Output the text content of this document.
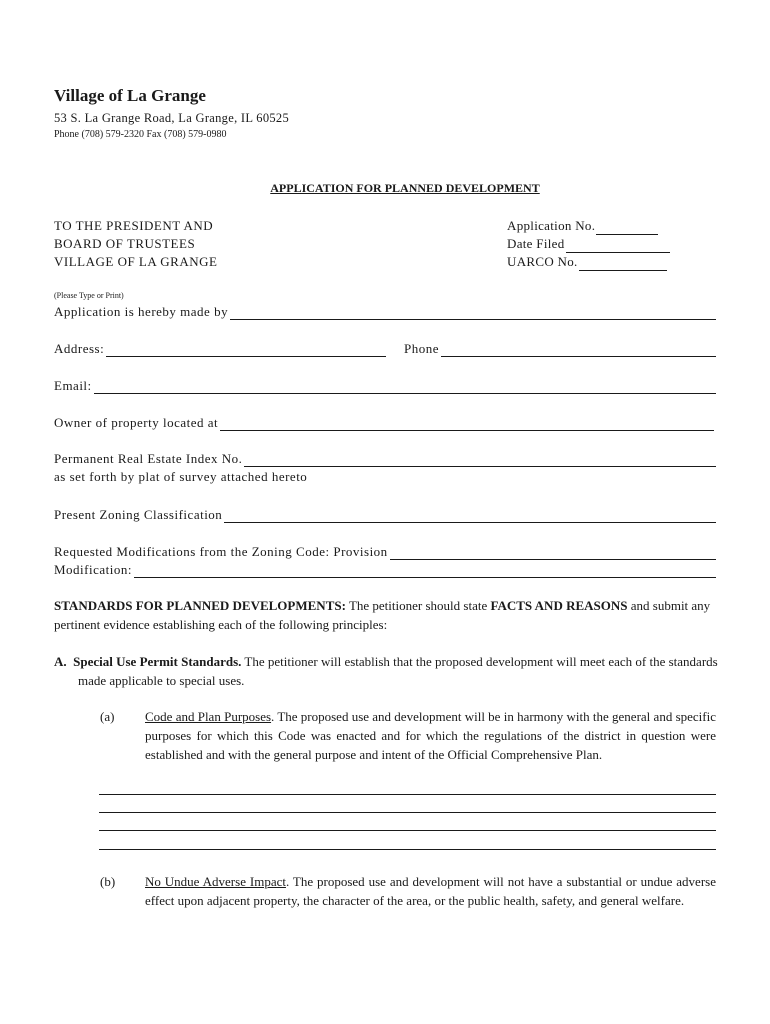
Village of La Grange
53 S. La Grange Road, La Grange, IL 60525
Phone (708) 579-2320 Fax (708) 579-0980
APPLICATION FOR PLANNED DEVELOPMENT
TO THE PRESIDENT AND
BOARD OF TRUSTEES
VILLAGE OF LA GRANGE
Application No.
Date Filed
UARCO No.
(Please Type or Print)
Application is hereby made by
Address:	Phone
Email:
Owner of property located at
Permanent Real Estate Index No.
as set forth by plat of survey attached hereto
Present Zoning Classification
Requested Modifications from the Zoning Code: Provision
Modification:
STANDARDS FOR PLANNED DEVELOPMENTS: The petitioner should state FACTS AND REASONS and submit any pertinent evidence establishing each of the following principles:
A. Special Use Permit Standards. The petitioner will establish that the proposed development will meet each of the standards made applicable to special uses.
(a) Code and Plan Purposes. The proposed use and development will be in harmony with the general and specific purposes for which this Code was enacted and for which the regulations of the district in question were established and with the general purpose and intent of the Official Comprehensive Plan.
(b) No Undue Adverse Impact. The proposed use and development will not have a substantial or undue adverse effect upon adjacent property, the character of the area, or the public health, safety, and general welfare.
